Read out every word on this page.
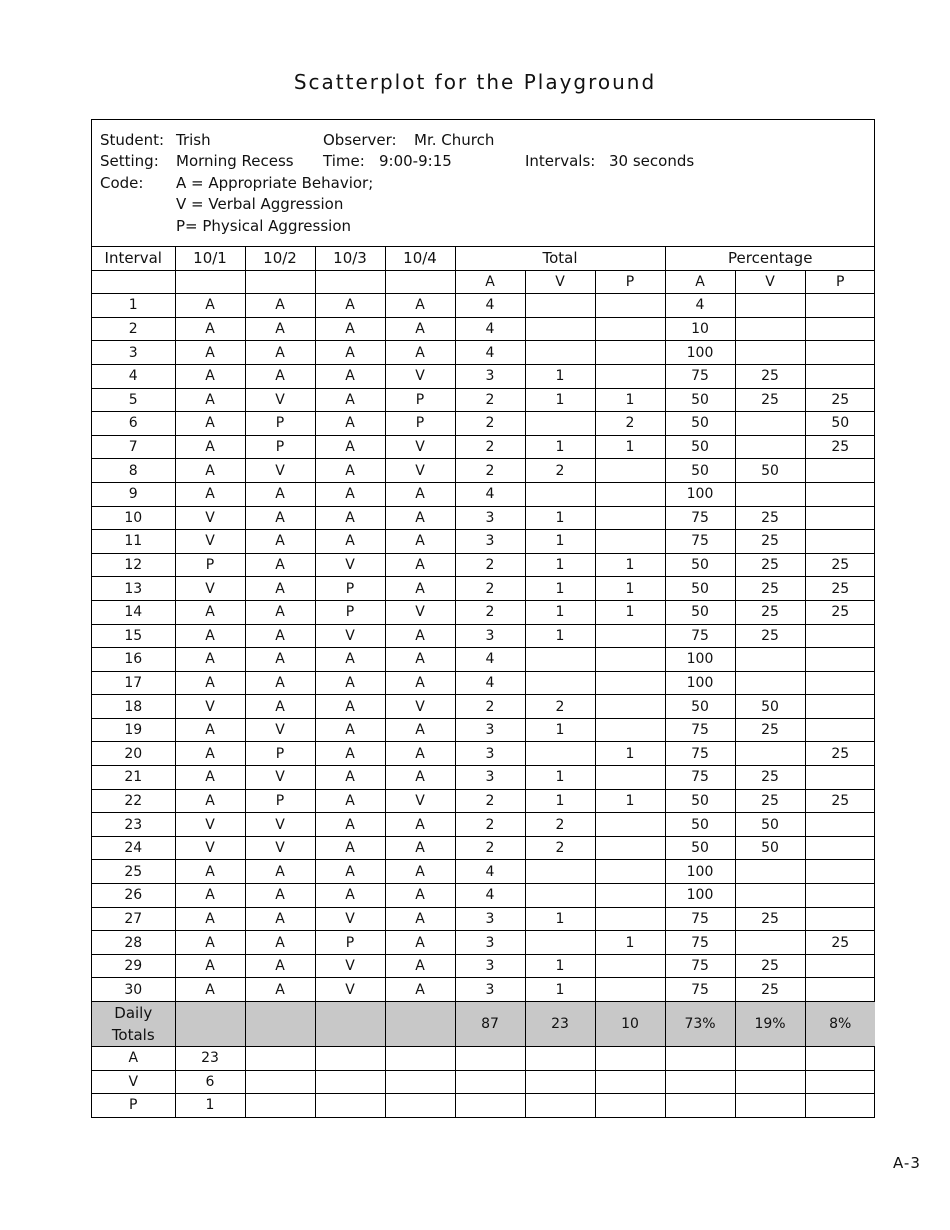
Scatterplot for the Playground
Student: Trish	Observer: Mr. Church
Setting: Morning Recess Time: 9:00-9:15	Intervals: 30 seconds
Code: A = Appropriate Behavior;
V = Verbal Aggression
P= Physical Aggression
Interval	10/1	10/2	10/3	10/4	Total			Percentage		
					A	V	P	A	V	P
1	A	A	A	A	4			4		
2	A	A	A	A	4			10		
3	A	A	A	A	4			100		
4	A	A	A	V	3	1		75	25	
5	A	V	A	P	2	1	1	50	25	25
6	A	P	A	P	2		2	50		50
7	A	P	A	V	2	1	1	50		25
8	A	V	A	V	2	2		50	50	
9	A	A	A	A	4			100		
10	V	A	A	A	3	1		75	25	
11	V	A	A	A	3	1		75	25	
12	P	A	V	A	2	1	1	50	25	25
13	V	A	P	A	2	1	1	50	25	25
14	A	A	P	V	2	1	1	50	25	25
15	A	A	V	A	3	1		75	25	
16	A	A	A	A	4			100		
17	A	A	A	A	4			100		
18	V	A	A	V	2	2		50	50	
19	A	V	A	A	3	1		75	25	
20	A	P	A	A	3		1	75		25
21	A	V	A	A	3	1		75	25	
22	A	P	A	V	2	1	1	50	25	25
23	V	V	A	A	2	2		50	50	
24	V	V	A	A	2	2		50	50	
25	A	A	A	A	4			100		
26	A	A	A	A	4			100		
27	A	A	V	A	3	1		75	25	
28	A	A	P	A	3		1	75		25
29	A	A	V	A	3	1		75	25	
30	A	A	V	A	3	1		75	25	

Daily
Totals					87	23	10	73%	19%	8%
A	23									
V	6									
P	1									
A-3
